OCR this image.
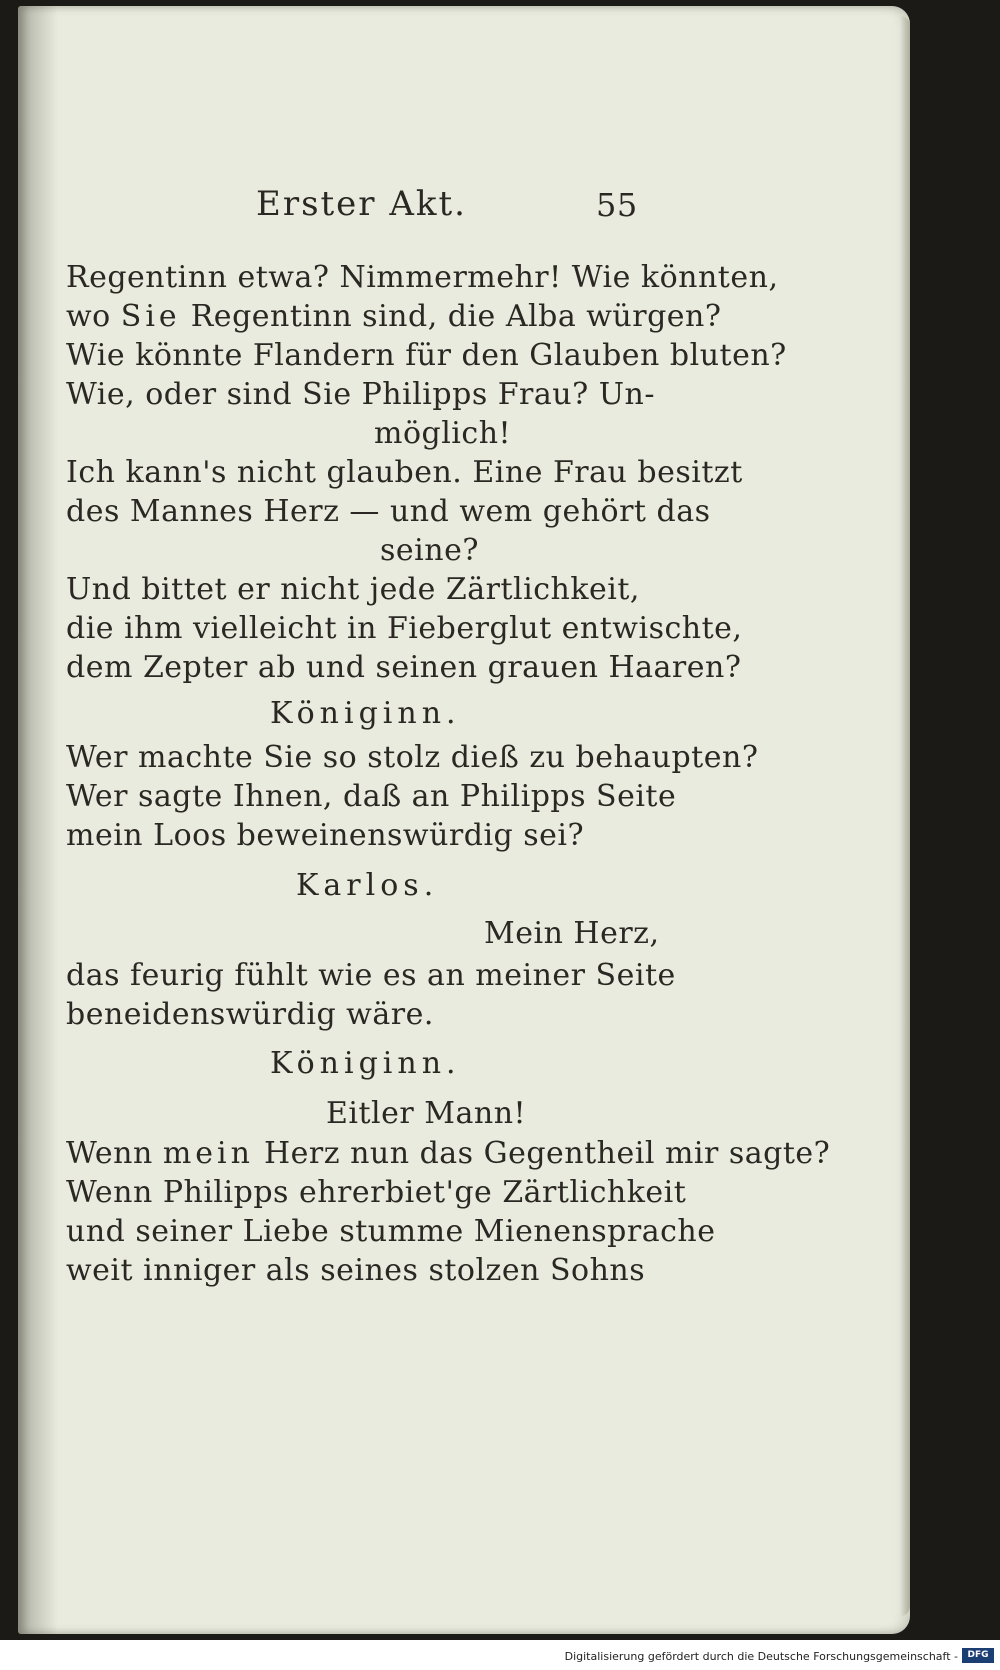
Erster Akt.	55
Regentinn etwa? Nimmermehr! Wie könnten,
wo Sie Regentinn sind, die Alba würgen?
Wie könnte Flandern für den Glauben bluten?
Wie, oder sind Sie Philipps Frau? Un-
möglich!
Ich kann's nicht glauben. Eine Frau besitzt
des Mannes Herz — und wem gehört das
seine?
Und bittet er nicht jede Zärtlichkeit,
die ihm vielleicht in Fieberglut entwischte,
dem Zepter ab und seinen grauen Haaren?
Königinn.
Wer machte Sie so stolz dieß zu behaupten?
Wer sagte Ihnen, daß an Philipps Seite
mein Loos beweinenswürdig sei?
Karlos.
Mein Herz,
das feurig fühlt wie es an meiner Seite
beneidenswürdig wäre.
Königinn.
Eitler Mann!
Wenn mein Herz nun das Gegentheil mir sagte?
Wenn Philipps ehrerbiet'ge Zärtlichkeit
und seiner Liebe stumme Mienensprache
weit inniger als seines stolzen Sohns
Digitalisierung gefördert durch die Deutsche Forschungsgemeinschaft -	DFG
